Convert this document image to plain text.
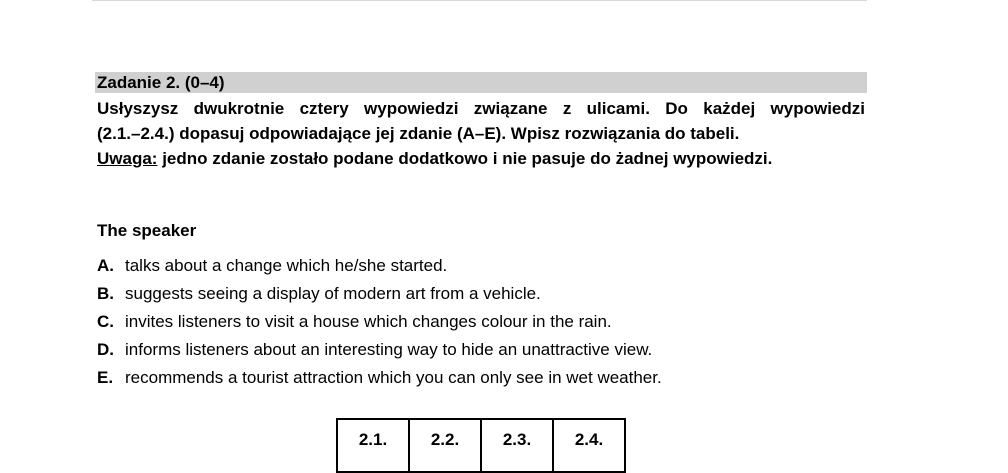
Zadanie 2. (0–4)
Usłyszysz dwukrotnie cztery wypowiedzi związane z ulicami. Do każdej wypowiedzi
(2.1.–2.4.) dopasuj odpowiadające jej zdanie (A–E). Wpisz rozwiązania do tabeli.
Uwaga: jedno zdanie zostało podane dodatkowo i nie pasuje do żadnej wypowiedzi.
The speaker
A. talks about a change which he/she started.
B. suggests seeing a display of modern art from a vehicle.
C. invites listeners to visit a house which changes colour in the rain.
D. informs listeners about an interesting way to hide an unattractive view.
E. recommends a tourist attraction which you can only see in wet weather.
2.1.	2.2.	2.3.	2.4.
